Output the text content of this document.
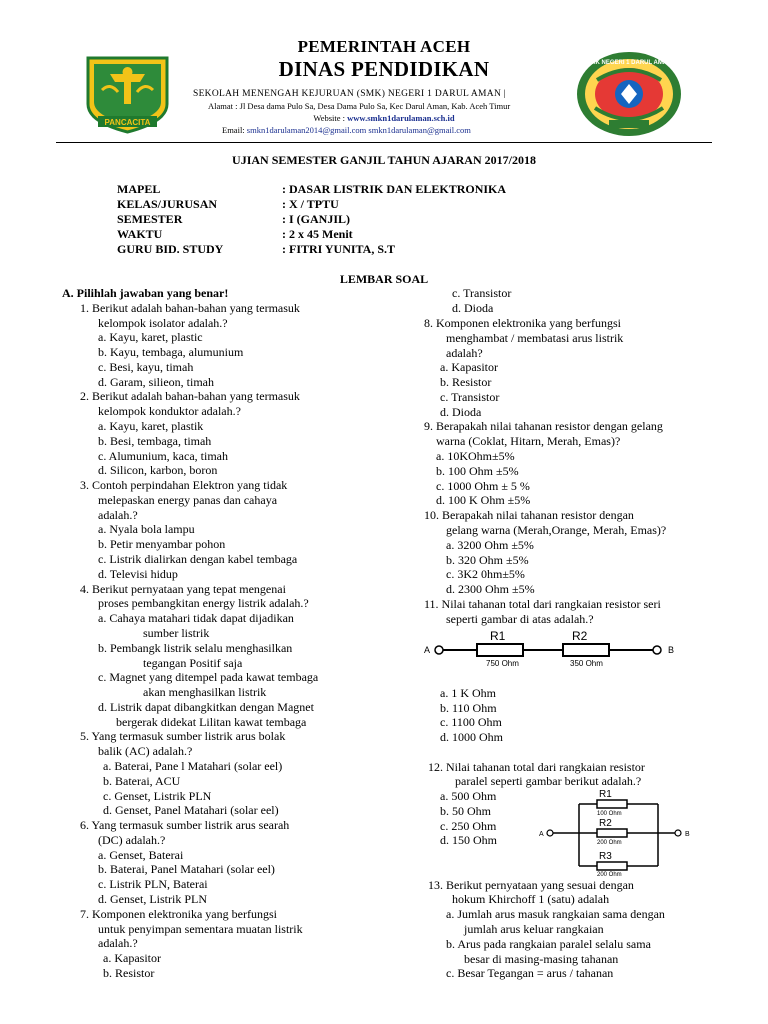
PANCACITA
PEMERINTAH ACEH
DINAS PENDIDIKAN
SEKOLAH MENENGAH KEJURUAN (SMK) NEGERI 1 DARUL AMAN |
Alamat : Jl Desa dama Pulo Sa, Desa Dama Pulo Sa, Kec Darul Aman, Kab. Aceh Timur
Website : www.smkn1darulaman.sch.id
Email: smkn1darulaman2014@gmail.com smkn1darulaman@gmail.com
SMK NEGERI 1 DARUL AMAN
UJIAN SEMESTER GANJIL TAHUN AJARAN 2017/2018
MAPEL	: DASAR LISTRIK DAN ELEKTRONIKA
KELAS/JURUSAN	: X / TPTU
SEMESTER	: I (GANJIL)
WAKTU	: 2 x 45 Menit
GURU BID. STUDY	: FITRI YUNITA, S.T
LEMBAR SOAL
A. Pilihlah jawaban yang benar!
1. Berikut adalah bahan-bahan yang termasuk
kelompok isolator adalah.?
a. Kayu, karet, plastic
b. Kayu, tembaga, alumunium
c. Besi, kayu, timah
d. Garam, silieon, timah
2. Berikut adalah bahan-bahan yang termasuk
kelompok konduktor adalah.?
a. Kayu, karet, plastik
b. Besi, tembaga, timah
c. Alumunium, kaca, timah
d. Silicon, karbon, boron
3. Contoh perpindahan Elektron yang tidak
melepaskan energy panas dan cahaya
adalah.?
a. Nyala bola lampu
b. Petir menyambar pohon
c. Listrik dialirkan dengan kabel tembaga
d. Televisi hidup
4. Berikut pernyataan yang tepat mengenai
proses pembangkitan energy listrik adalah.?
a. Cahaya matahari tidak dapat dijadikan
sumber listrik
b. Pembangk listrik selalu menghasilkan
tegangan Positif saja
c. Magnet yang ditempel pada kawat tembaga
akan menghasilkan listrik
d. Listrik dapat dibangkitkan dengan Magnet
bergerak didekat Lilitan kawat tembaga
5. Yang termasuk sumber listrik arus bolak
balik (AC) adalah.?
a. Baterai, Pane l Matahari (solar eel)
b. Baterai, ACU
c. Genset, Listrik PLN
d. Genset, Panel Matahari (solar eel)
6. Yang termasuk sumber listrik arus searah
(DC) adalah.?
a. Genset, Baterai
b. Baterai, Panel Matahari (solar eel)
c. Listrik PLN, Baterai
d. Genset, Listrik PLN
7. Komponen elektronika yang berfungsi
untuk penyimpan sementara muatan listrik
adalah.?
a. Kapasitor
b. Resistor
c. Transistor
d. Dioda
8. Komponen elektronika yang berfungsi
menghambat / membatasi arus listrik
adalah?
a. Kapasitor
b. Resistor
c. Transistor
d. Dioda
9. Berapakah nilai tahanan resistor dengan gelang
warna (Coklat, Hitarn, Merah, Emas)?
a. 10KOhm±5%
b. 100 Ohm ±5%
c. 1000 Ohm ± 5 %
d. 100 K Ohm ±5%
10. Berapakah nilai tahanan resistor dengan
gelang warna (Merah,Orange, Merah, Emas)?
a. 3200 Ohm ±5%
b. 320 Ohm ±5%
c. 3K2 0hm±5%
d. 2300 Ohm ±5%
11. Nilai tahanan total dari rangkaian resistor seri
seperti gambar di atas adalah.?
a. 1 K Ohm
b. 110 Ohm
c. 1100 Ohm
d. 1000 Ohm
12. Nilai tahanan total dari rangkaian resistor
paralel seperti gambar berikut adalah.?
a. 500 Ohm
b. 50 Ohm
c. 250 Ohm
d. 150 Ohm
13. Berikut pernyataan yang sesuai dengan
hokum Khirchoff 1 (satu) adalah
a. Jumlah arus masuk rangkaian sama dengan
jumlah arus keluar rangkaian
b. Arus pada rangkaian paralel selalu sama
besar di masing-masing tahanan
c. Besar Tegangan = arus / tahanan
A	B
R1	R2
750 Ohm	350 Ohm
A	B
R1
R2
R3
100 Ohm
200 Ohm
200 Ohm
